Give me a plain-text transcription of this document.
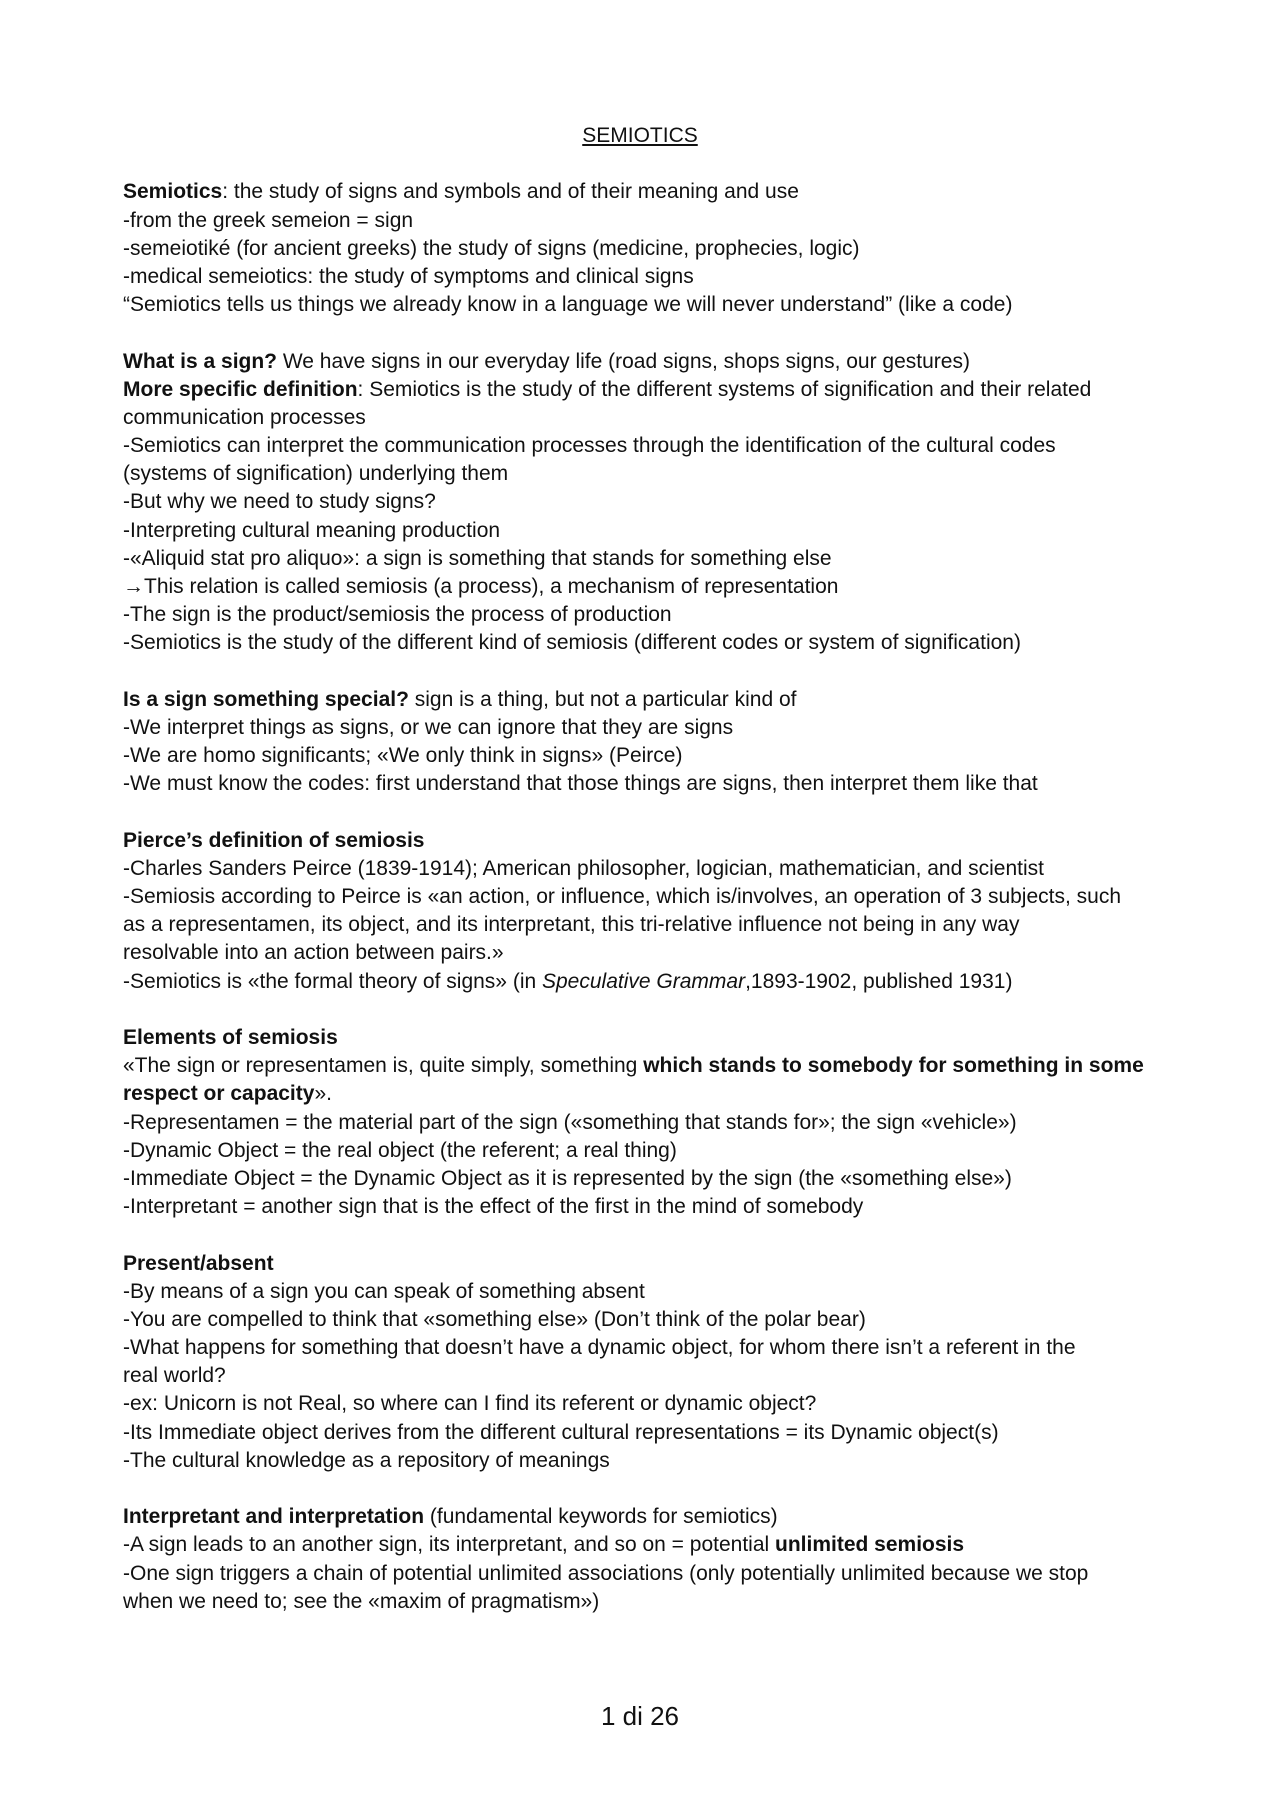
SEMIOTICS
Semiotics: the study of signs and symbols and of their meaning and use
-from the greek semeion = sign
-semeiotiké (for ancient greeks) the study of signs (medicine, prophecies, logic)
-medical semeiotics: the study of symptoms and clinical signs
“Semiotics tells us things we already know in a language we will never understand” (like a code)
What is a sign? We have signs in our everyday life (road signs, shops signs, our gestures)
More specific definition: Semiotics is the study of the different systems of signification and their related
communication processes
-Semiotics can interpret the communication processes through the identification of the cultural codes
(systems of signification) underlying them
-But why we need to study signs?
-Interpreting cultural meaning production
-«Aliquid stat pro aliquo»: a sign is something that stands for something else
→This relation is called semiosis (a process), a mechanism of representation
-The sign is the product/semiosis the process of production
-Semiotics is the study of the different kind of semiosis (different codes or system of signification)
Is a sign something special? sign is a thing, but not a particular kind of
-We interpret things as signs, or we can ignore that they are signs
-We are homo significants; «We only think in signs» (Peirce)
-We must know the codes: first understand that those things are signs, then interpret them like that
Pierce’s definition of semiosis
-Charles Sanders Peirce (1839-1914); American philosopher, logician, mathematician, and scientist
-Semiosis according to Peirce is «an action, or influence, which is/involves, an operation of 3 subjects, such
as a representamen, its object, and its interpretant, this tri-relative influence not being in any way
resolvable into an action between pairs.»
-Semiotics is «the formal theory of signs» (in Speculative Grammar,1893-1902, published 1931)
Elements of semiosis
«The sign or representamen is, quite simply, something which stands to somebody for something in some
respect or capacity».
-Representamen = the material part of the sign («something that stands for»; the sign «vehicle»)
-Dynamic Object = the real object (the referent; a real thing)
-Immediate Object = the Dynamic Object as it is represented by the sign (the «something else»)
-Interpretant = another sign that is the effect of the first in the mind of somebody
Present/absent
-By means of a sign you can speak of something absent
-You are compelled to think that «something else» (Don’t think of the polar bear)
-What happens for something that doesn’t have a dynamic object, for whom there isn’t a referent in the
real world?
-ex: Unicorn is not Real, so where can I find its referent or dynamic object?
-Its Immediate object derives from the different cultural representations = its Dynamic object(s)
-The cultural knowledge as a repository of meanings
Interpretant and interpretation (fundamental keywords for semiotics)
-A sign leads to an another sign, its interpretant, and so on = potential unlimited semiosis
-One sign triggers a chain of potential unlimited associations (only potentially unlimited because we stop
when we need to; see the «maxim of pragmatism»)
1 di 26
